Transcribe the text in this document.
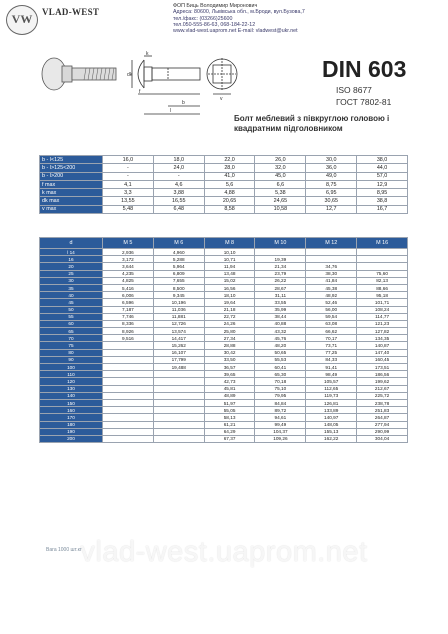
VW	VLAD-WEST
ФОП Биць Володимир Миронович
Адреса: 80600, Львівська обл., м.Броди, вул.Бузова,7
тел./факс: (03266)25600
тел.050-555-86-63, 068-184-22-12
www.vlad-west.uaprom.net E-mail: vladwest@ukr.net
k
f
b
l
dk
v
DIN 603
ISO 8677
ГОСТ 7802-81
Болт меблевий з півкруглою головою і квадратним підголовником
b - l<125	16,0	18,0	22,0	26,0	30,0	38,0
b - l>125<200	-	24,0	28,0	32,0	36,0	44,0
b - l>200	-	-	41,0	45,0	49,0	57,0
f max	4,1	4,6	5,6	6,6	8,75	12,9
k max	3,3	3,88	4,88	5,38	6,95	8,95
dk max	13,55	16,55	20,65	24,65	30,65	38,8
v max	5,48	6,48	8,58	10,58	12,7	16,7
d	M 5	M 6	M 8	M 10	M 12	M 16
l 14	2,936	4,960	10,10			
16	3,172	5,288	10,71	19,39		
20	3,644	5,964	11,94	21,34	34,76	
25	4,235	6,809	13,48	23,79	38,30	75,60
30	4,825	7,655	15,02	26,22	41,84	82,13
35	5,416	8,500	16,56	28,67	45,38	88,66
40	6,006	9,345	18,10	31,11	48,92	95,18
45	6,596	10,196	19,64	33,55	52,46	101,71
50	7,187	11,036	21,18	35,99	56,00	108,24
55	7,746	11,881	22,72	38,44	59,54	114,77
60	8,336	12,726	24,26	40,88	63,08	121,23
65	8,926	13,574	25,80	43,32	66,62	127,82
70	9,516	14,417	27,34	45,76	70,17	134,35
75		15,262	28,88	48,20	73,71	140,87
80		16,107	30,42	50,65	77,25	147,40
90		17,799	33,50	55,53	84,33	160,45
100		19,488	36,57	60,41	91,41	173,51
110			39,65	65,30	98,49	186,56
120			42,73	70,18	105,57	199,62
130			45,81	75,10	112,65	212,67
140			48,89	79,95	119,73	225,72
150			51,97	84,84	126,81	238,78
160			55,05	89,72	133,89	251,83
170			58,13	94,61	140,97	264,87
180			61,21	99,49	148,05	277,94
190			64,29	104,37	155,13	290,99
200			67,37	109,26	162,22	304,04
vlad-west.uaprom.net
Вага 1000 шт.кг
